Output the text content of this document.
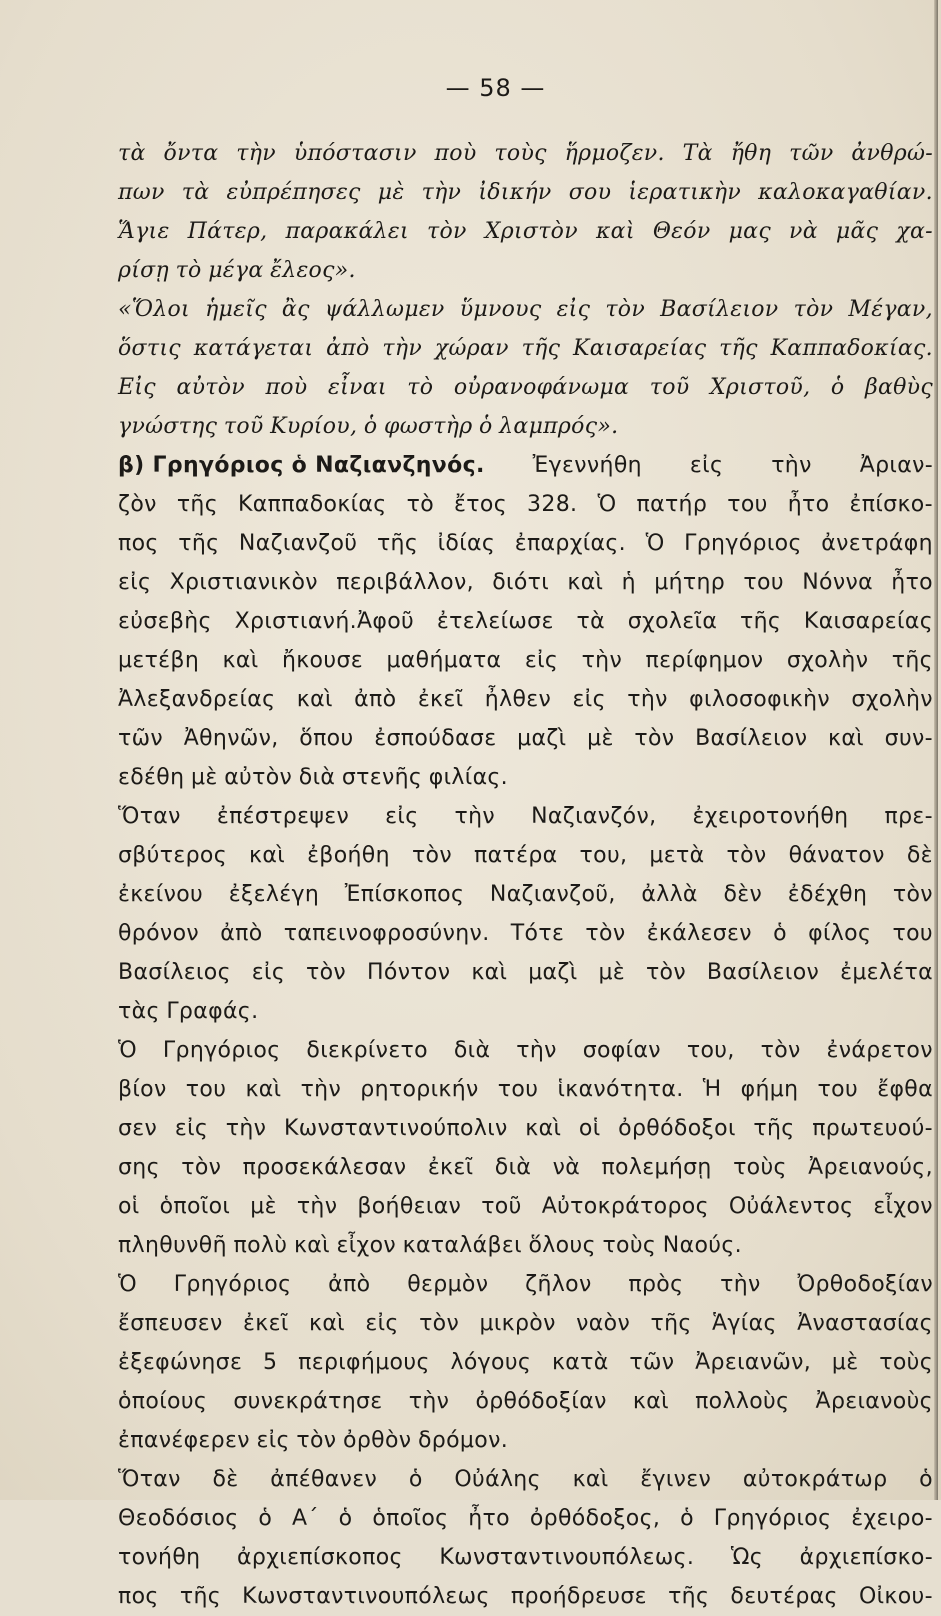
— 58 —
τὰ ὄντα τὴν ὑπόστασιν ποὺ τοὺς ἥρμοζεν. Τὰ ἤθη τῶν ἀνθρώ-
πων τὰ εὐπρέπησες μὲ τὴν ἰδικήν σου ἱερατικὴν καλοκαγαθίαν.
Ἅγιε Πάτερ, παρακάλει τὸν Χριστὸν καὶ Θεόν μας νὰ μᾶς χα-
ρίσῃ τὸ μέγα ἔλεος».
«Ὅλοι ἡμεῖς ἂς ψάλλωμεν ὕμνους εἰς τὸν Βασίλειον τὸν Μέγαν,
ὅστις κατάγεται ἀπὸ τὴν χώραν τῆς Καισαρείας τῆς Καππαδοκίας.
Εἰς αὐτὸν ποὺ εἶναι τὸ οὐρανοφάνωμα τοῦ Χριστοῦ, ὁ βαθὺς
γνώστης τοῦ Κυρίου, ὁ φωστὴρ ὁ λαμπρός».
β) Γρηγόριος ὁ Ναζιανζηνός. Ἐγεννήθη εἰς τὴν Ἀριαν-
ζὸν τῆς Καππαδοκίας τὸ ἔτος 328. Ὁ πατήρ του ἦτο ἐπίσκο-
πος τῆς Ναζιανζοῦ τῆς ἰδίας ἐπαρχίας. Ὁ Γρηγόριος ἀνετράφη
εἰς Χριστιανικὸν περιβάλλον, διότι καὶ ἡ μήτηρ του Νόννα ἦτο
εὐσεβὴς Χριστιανή.Ἀφοῦ ἐτελείωσε τὰ σχολεῖα τῆς Καισαρείας
μετέβη καὶ ἤκουσε μαθήματα εἰς τὴν περίφημον σχολὴν τῆς
Ἀλεξανδρείας καὶ ἀπὸ ἐκεῖ ἦλθεν εἰς τὴν φιλοσοφικὴν σχολὴν
τῶν Ἀθηνῶν, ὅπου ἐσπούδασε μαζὶ μὲ τὸν Βασίλειον καὶ συν-
εδέθη μὲ αὐτὸν διὰ στενῆς φιλίας.
Ὅταν ἐπέστρεψεν εἰς τὴν Ναζιανζόν, ἐχειροτονήθη πρε-
σβύτερος καὶ ἐβοήθη τὸν πατέρα του, μετὰ τὸν θάνατον δὲ
ἐκείνου ἐξελέγη Ἐπίσκοπος Ναζιανζοῦ, ἀλλὰ δὲν ἐδέχθη τὸν
θρόνον ἀπὸ ταπεινοφροσύνην. Τότε τὸν ἐκάλεσεν ὁ φίλος του
Βασίλειος εἰς τὸν Πόντον καὶ μαζὶ μὲ τὸν Βασίλειον ἐμελέτα
τὰς Γραφάς.
Ὁ Γρηγόριος διεκρίνετο διὰ τὴν σοφίαν του, τὸν ἐνάρετον
βίον του καὶ τὴν ρητορικήν του ἱκανότητα. Ἡ φήμη του ἔφθα
σεν εἰς τὴν Κωνσταντινούπολιν καὶ οἱ ὀρθόδοξοι τῆς πρωτευού-
σης τὸν προσεκάλεσαν ἐκεῖ διὰ νὰ πολεμήσῃ τοὺς Ἀρειανούς,
οἱ ὁποῖοι μὲ τὴν βοήθειαν τοῦ Αὐτοκράτορος Οὐάλεντος εἶχον
πληθυνθῆ πολὺ καὶ εἶχον καταλάβει ὅλους τοὺς Ναούς.
Ὁ Γρηγόριος ἀπὸ θερμὸν ζῆλον πρὸς τὴν Ὀρθοδοξίαν
ἔσπευσεν ἐκεῖ καὶ εἰς τὸν μικρὸν ναὸν τῆς Ἁγίας Ἀναστασίας
ἐξεφώνησε 5 περιφήμους λόγους κατὰ τῶν Ἀρειανῶν, μὲ τοὺς
ὁποίους συνεκράτησε τὴν ὀρθόδοξίαν καὶ πολλοὺς Ἀρειανοὺς
ἐπανέφερεν εἰς τὸν ὀρθὸν δρόμον.
Ὅταν δὲ ἀπέθανεν ὁ Οὐάλης καὶ ἔγινεν αὐτοκράτωρ ὁ
Θεοδόσιος ὁ Α΄ ὁ ὁποῖος ἦτο ὀρθόδοξος, ὁ Γρηγόριος ἐχειρο-
τονήθη ἀρχιεπίσκοπος Κωνσταντινουπόλεως. Ὡς ἀρχιεπίσκο-
πος τῆς Κωνσταντινουπόλεως προήδρευσε τῆς δευτέρας Οἰκου-
